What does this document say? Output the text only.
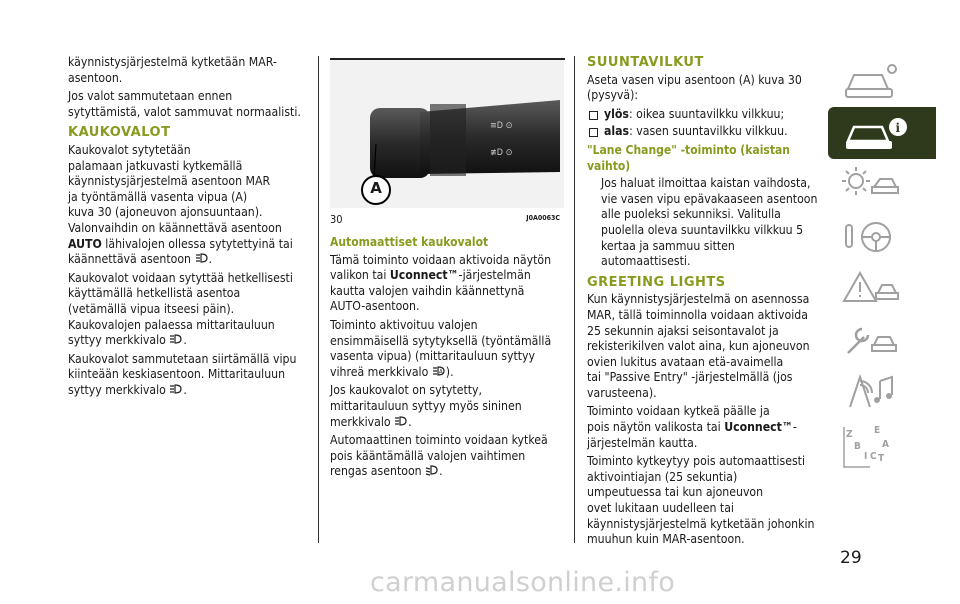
käynnistysjärjestelmä kytketään MAR-
asentoon.

Jos valot sammutetaan ennen
sytyttämistä, valot sammuvat normaalisti.

KAUKOVALOT

Kaukovalot sytytetään
palamaan jatkuvasti kytkemällä
käynnistysjärjestelmä asentoon MAR
ja työntämällä vasenta vipua (A)
kuva 30 (ajoneuvon ajonsuuntaan).
Valonvaihdin on käännettävä asentoon
AUTO lähivalojen ollessa sytytettyinä tai
käännettävä asentoon .

Kaukovalot voidaan sytyttää hetkellisesti
käyttämällä hetkellistä asentoa
(vetämällä vipua itseesi päin).
Kaukovalojen palaessa mittaritauluun
syttyy merkkivalo .

Kaukovalot sammutetaan siirtämällä vipu
kiinteään keskiasentoon. Mittaritauluun
syttyy merkkivalo .

≡D ⊙
≢D ⊙
A
30	J0A0063C
Automaattiset kaukovalot

Tämä toiminto voidaan aktivoida näytön
valikon tai Uconnect™-järjestelmän
kautta valojen vaihdin käännettynä
AUTO-asentoon.

Toiminto aktivoituu valojen
ensimmäisellä sytytyksellä (työntämällä
vasenta vipua) (mittaritauluun syttyy
vihreä merkkivalo A ).

Jos kaukovalot on sytytetty,
mittaritauluun syttyy myös sininen
merkkivalo .

Automaattinen toiminto voidaan kytkeä
pois kääntämällä valojen vaihtimen
rengas asentoon .

SUUNTAVILKUT

Aseta vasen vipu asentoon (A) kuva 30
(pysyvä):

ylös: oikea suuntavilkku vilkkuu;
alas: vasen suuntavilkku vilkkuu.
"Lane Change" -toiminto (kaistan vaihto)

Jos haluat ilmoittaa kaistan vaihdosta,
vie vasen vipu epävakaaseen asentoon
alle puoleksi sekunniksi. Valitulla
puolella oleva suuntavilkku vilkkuu 5
kertaa ja sammuu sitten automaattisesti.

GREETING LIGHTS

Kun käynnistysjärjestelmä on asennossa
MAR, tällä toiminnolla voidaan aktivoida
25 sekunnin ajaksi seisontavalot ja
rekisterikilven valot aina, kun ajoneuvon
ovien lukitus avataan etä-avaimella
tai "Passive Entry" -järjestelmällä (jos
varusteena).

Toiminto voidaan kytkeä päälle ja
pois näytön valikosta tai Uconnect™-
järjestelmän kautta.

Toiminto kytkeytyy pois automaattisesti
aktivointiajan (25 sekuntia)
umpeutuessa tai kun ajoneuvon
ovet lukitaan uudelleen tai
käynnistysjärjestelmä kytketään johonkin
muuhun kuin MAR-asentoon.

i
Z E
B A
I C T
29
carmanualsonline.info
